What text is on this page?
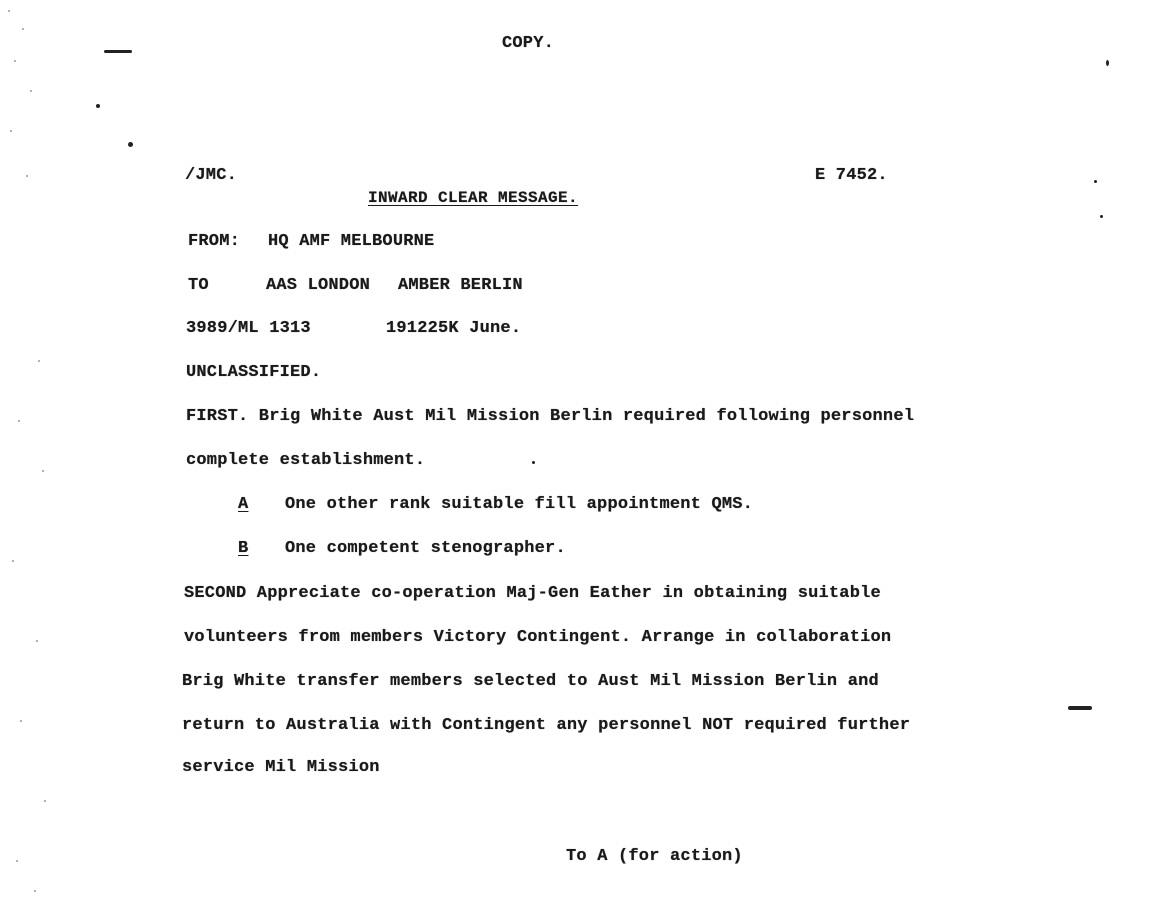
COPY.
/JMC.	E 7452.
INWARD CLEAR MESSAGE.
FROM: HQ AMF MELBOURNE
TO	AAS LONDON AMBER BERLIN
3989/ML 1313	191225K June.
UNCLASSIFIED.
FIRST. Brig White Aust Mil Mission Berlin required following personnel
complete establishment.
A One other rank suitable fill appointment QMS.
B One competent stenographer.
SECOND Appreciate co-operation Maj-Gen Eather in obtaining suitable
volunteers from members Victory Contingent. Arrange in collaboration
Brig White transfer members selected to Aust Mil Mission Berlin and
return to Australia with Contingent any personnel NOT required further
service Mil Mission
To A (for action)
